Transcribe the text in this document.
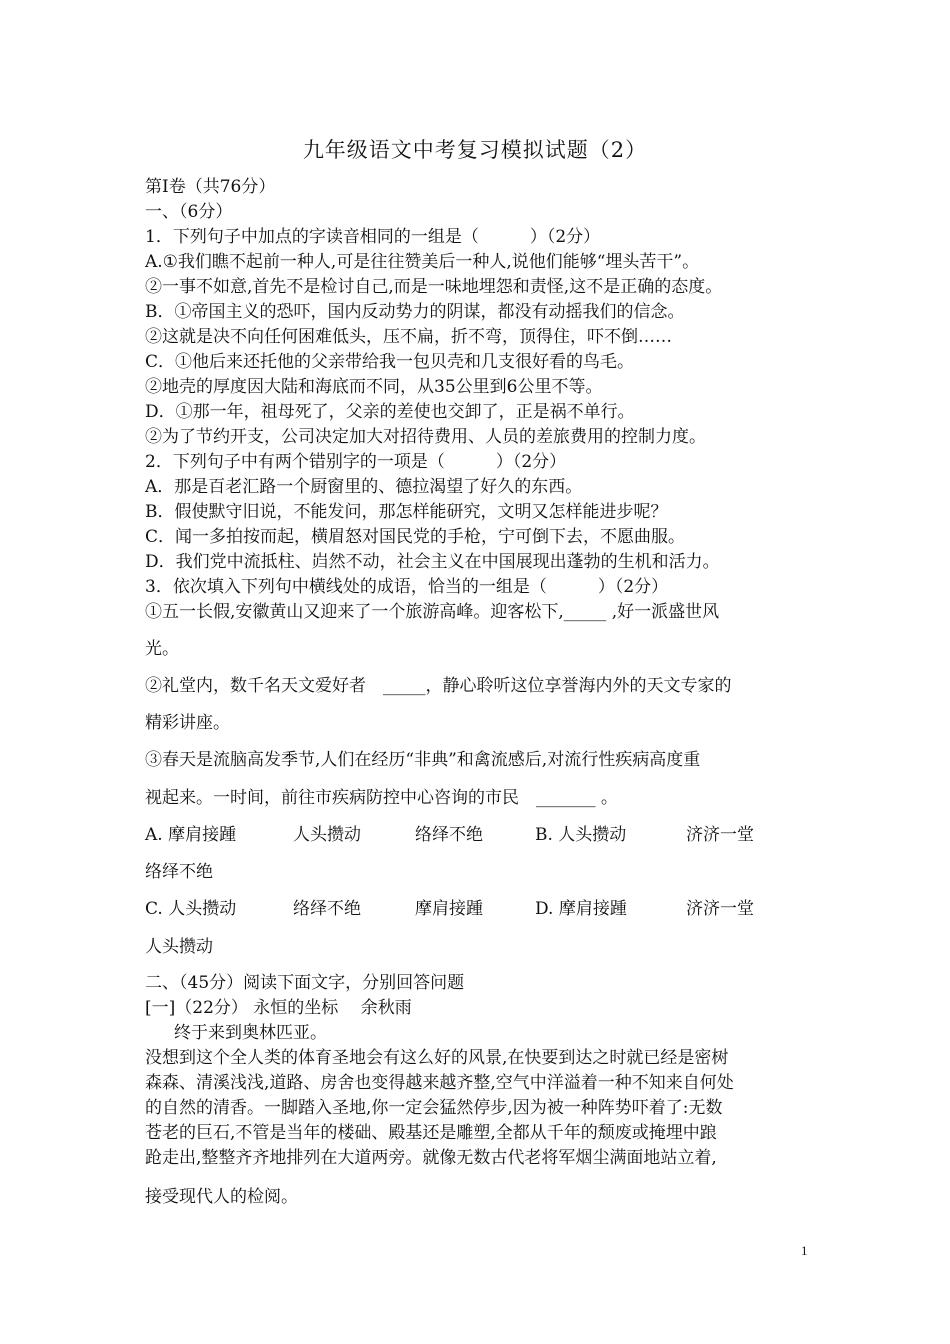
九年级语文中考复习模拟试题（2）
第Ⅰ卷（共76分）
一、（6分）
1．下列句子中加点的字读音相同的一组是（　　　）（2分）
A.①我们瞧不起前一种人,可是往往赞美后一种人,说他们能够“埋头苦干”。
②一事不如意,首先不是检讨自己,而是一味地埋怨和责怪,这不是正确的态度。
B．①帝国主义的恐吓，国内反动势力的阴谋，都没有动摇我们的信念。
②这就是决不向任何困难低头，压不扁，折不弯，顶得住，吓不倒……
C．①他后来还托他的父亲带给我一包贝壳和几支很好看的鸟毛。
②地壳的厚度因大陆和海底而不同，从35公里到6公里不等。
D．①那一年，祖母死了，父亲的差使也交卸了，正是祸不单行。
②为了节约开支，公司决定加大对招待费用、人员的差旅费用的控制力度。
2．下列句子中有两个错别字的一项是（　　　）（2分）
A．那是百老汇路一个厨窗里的、德拉渴望了好久的东西。
B．假使默守旧说，不能发问，那怎样能研究，文明又怎样能进步呢？
C．闻一多拍按而起，横眉怒对国民党的手枪，宁可倒下去，不愿曲服。
D．我们党中流抵柱、岿然不动，社会主义在中国展现出蓬勃的生机和活力。
3．依次填入下列句中横线处的成语，恰当的一组是（　　　）（2分）
①五一长假,安徽黄山又迎来了一个旅游高峰。迎客松下,_____ ,好一派盛世风
光。
②礼堂内，数千名天文爱好者　_____，静心聆听这位享誉海内外的天文专家的
精彩讲座。
③春天是流脑高发季节,人们在经历“非典”和禽流感后,对流行性疾病高度重
视起来。一时间，前往市疾病防控中心咨询的市民　_______ 。
A. 摩肩接踵	人头攒动	络绎不绝	B. 人头攒动	济济一堂
络绎不绝
C. 人头攒动	络绎不绝	摩肩接踵	D. 摩肩接踵	济济一堂
人头攒动
二、（45分）阅读下面文字，分别回答问题
[一]（22分） 永恒的坐标　 余秋雨
终于来到奥林匹亚。
没想到这个全人类的体育圣地会有这么好的风景,在快要到达之时就已经是密树
森森、清溪浅浅,道路、房舍也变得越来越齐整,空气中洋溢着一种不知来自何处
的自然的清香。一脚踏入圣地,你一定会猛然停步,因为被一种阵势吓着了:无数
苍老的巨石,不管是当年的楼础、殿基还是雕塑,全都从千年的颓废或掩埋中踉
跄走出,整整齐齐地排列在大道两旁。就像无数古代老将军烟尘满面地站立着,
接受现代人的检阅。
1
